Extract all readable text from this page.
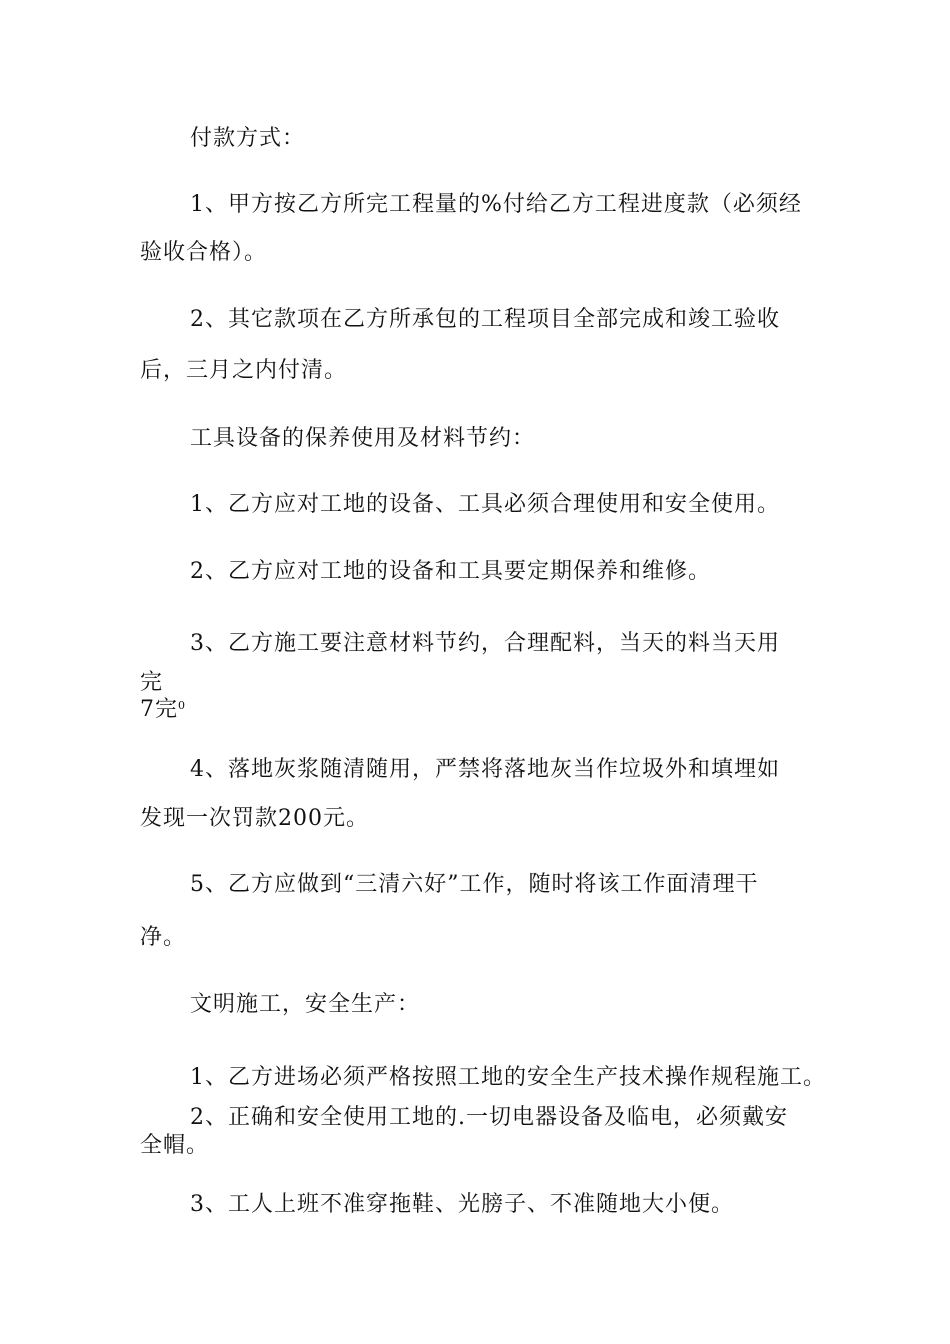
付款方式：
1、甲方按乙方所完工程量的%付给乙方工程进度款（必须经
验收合格）。
2、其它款项在乙方所承包的工程项目全部完成和竣工验收
后，三月之内付清。
工具设备的保养使用及材料节约：
1、乙方应对工地的设备、工具必须合理使用和安全使用。
2、乙方应对工地的设备和工具要定期保养和维修。
3、乙方施工要注意材料节约，合理配料，当天的料当天用
完
7完$^0$
4、落地灰浆随清随用，严禁将落地灰当作垃圾外和填埋如
发现一次罚款200元。
5、乙方应做到“三清六好”工作，随时将该工作面清理干
净。
文明施工，安全生产：
1、乙方进场必须严格按照工地的安全生产技术操作规程施工。
2、正确和安全使用工地的.一切电器设备及临电，必须戴安
全帽。
3、工人上班不准穿拖鞋、光膀子、不准随地大小便。
